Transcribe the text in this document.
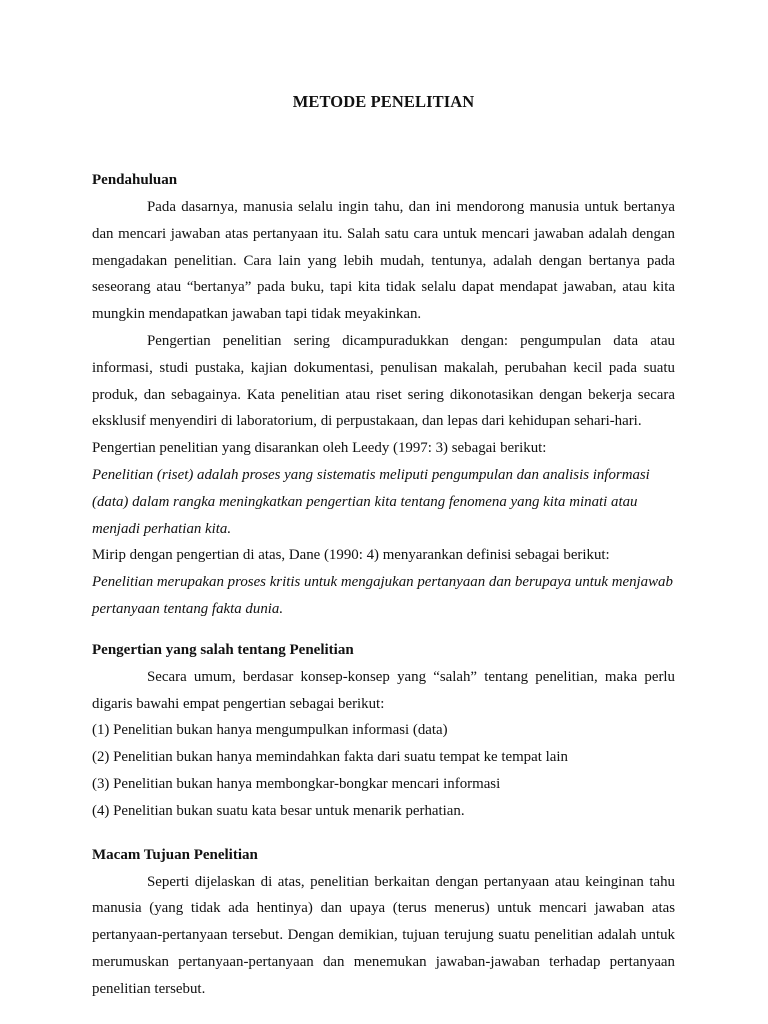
METODE PENELITIAN
Pendahuluan

Pada dasarnya, manusia selalu ingin tahu, dan ini mendorong manusia untuk bertanya dan mencari jawaban atas pertanyaan itu. Salah satu cara untuk mencari jawaban adalah dengan mengadakan penelitian. Cara lain yang lebih mudah, tentunya, adalah dengan bertanya pada seseorang atau “bertanya” pada buku, tapi kita tidak selalu dapat mendapat jawaban, atau kita mungkin mendapatkan jawaban tapi tidak meyakinkan.

Pengertian penelitian sering dicampuradukkan dengan: pengumpulan data atau informasi, studi pustaka, kajian dokumentasi, penulisan makalah, perubahan kecil pada suatu produk, dan sebagainya. Kata penelitian atau riset sering dikonotasikan dengan bekerja secara eksklusif menyendiri di laboratorium, di perpustakaan, dan lepas dari kehidupan sehari-hari.

Pengertian penelitian yang disarankan oleh Leedy (1997: 3) sebagai berikut:

Penelitian (riset) adalah proses yang sistematis meliputi pengumpulan dan analisis informasi (data) dalam rangka meningkatkan pengertian kita tentang fenomena yang kita minati atau menjadi perhatian kita.

Mirip dengan pengertian di atas, Dane (1990: 4) menyarankan definisi sebagai berikut:

Penelitian merupakan proses kritis untuk mengajukan pertanyaan dan berupaya untuk menjawab pertanyaan tentang fakta dunia.

Pengertian yang salah tentang Penelitian

Secara umum, berdasar konsep-konsep yang “salah” tentang penelitian, maka perlu digaris bawahi empat pengertian sebagai berikut:

(1) Penelitian bukan hanya mengumpulkan informasi (data)
(2) Penelitian bukan hanya memindahkan fakta dari suatu tempat ke tempat lain
(3) Penelitian bukan hanya membongkar-bongkar mencari informasi
(4) Penelitian bukan suatu kata besar untuk menarik perhatian.
Macam Tujuan Penelitian

Seperti dijelaskan di atas, penelitian berkaitan dengan pertanyaan atau keinginan tahu manusia (yang tidak ada hentinya) dan upaya (terus menerus) untuk mencari jawaban atas pertanyaan-pertanyaan tersebut. Dengan demikian, tujuan terujung suatu penelitian adalah untuk merumuskan pertanyaan-pertanyaan dan menemukan jawaban-jawaban terhadap pertanyaan penelitian tersebut.
